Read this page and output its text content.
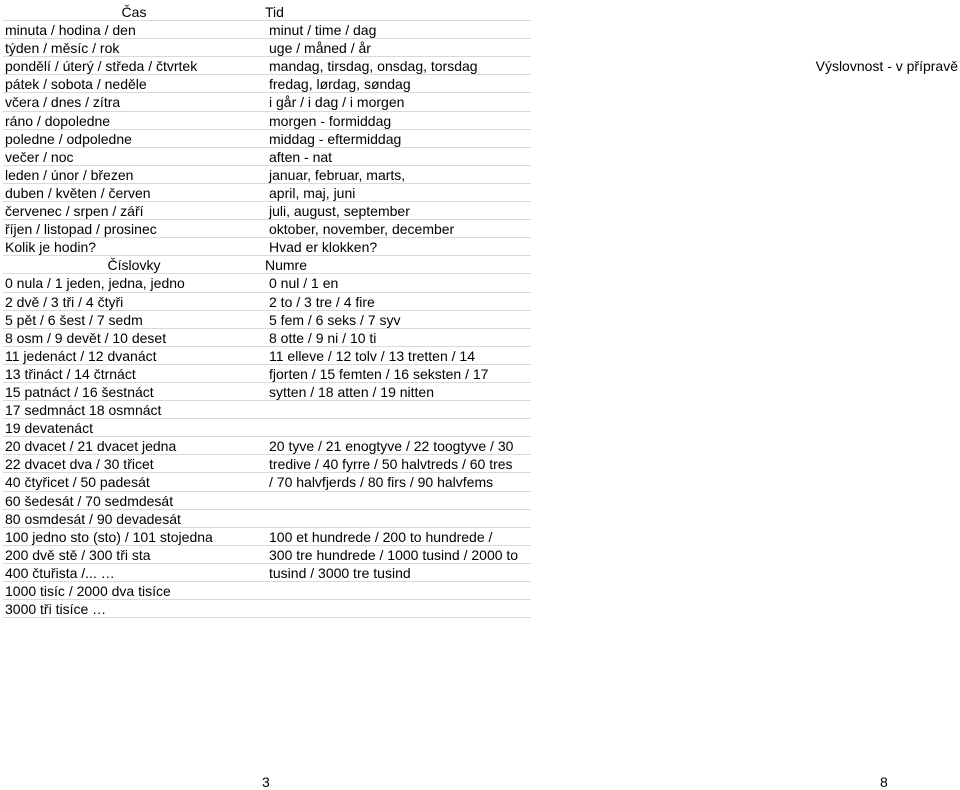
Čas	Tid
minuta / hodina / den	minut / time / dag
týden / měsíc / rok	uge / måned / år
pondělí / úterý / středa / čtvrtek	mandag, tirsdag, onsdag, torsdag
pátek / sobota / neděle	fredag, lørdag, søndag
včera / dnes / zítra	i går / i dag / i morgen
ráno / dopoledne	morgen - formiddag
poledne / odpoledne	middag - eftermiddag
večer / noc	aften - nat
leden / únor / březen	januar, februar, marts,
duben / květen / červen	april, maj, juni
červenec / srpen / září	juli, august, september
říjen / listopad / prosinec	oktober, november, december
Kolik je hodin?	Hvad er klokken?
Číslovky	Numre
0 nula / 1 jeden, jedna, jedno	0 nul / 1 en
2 dvě / 3 tři / 4 čtyři	2 to / 3 tre / 4 fire
5 pět / 6 šest / 7 sedm	5 fem / 6 seks / 7 syv
8 osm / 9 devět / 10 deset	8 otte / 9 ni / 10 ti
11 jedenáct / 12 dvanáct	11 elleve / 12 tolv / 13 tretten / 14
13 třináct / 14 čtrnáct	fjorten / 15 femten / 16 seksten / 17
15 patnáct / 16 šestnáct	sytten / 18 atten / 19 nitten
17 sedmnáct 18 osmnáct
19 devatenáct
20 dvacet / 21 dvacet jedna	20 tyve / 21 enogtyve / 22 toogtyve / 30
22 dvacet dva / 30 třicet	tredive / 40 fyrre / 50 halvtreds / 60 tres
40 čtyřicet / 50 padesát	/ 70 halvfjerds / 80 firs / 90 halvfems
60 šedesát / 70 sedmdesát
80 osmdesát / 90 devadesát
100 jedno sto (sto) / 101 stojedna	100 et hundrede / 200 to hundrede /
200 dvě stě / 300 tři sta	300 tre hundrede / 1000 tusind / 2000 to
400 čtuřista /... …	tusind / 3000 tre tusind
1000 tisíc / 2000 dva tisíce
3000 tři tisíce …
Výslovnost - v přípravě
3	8
